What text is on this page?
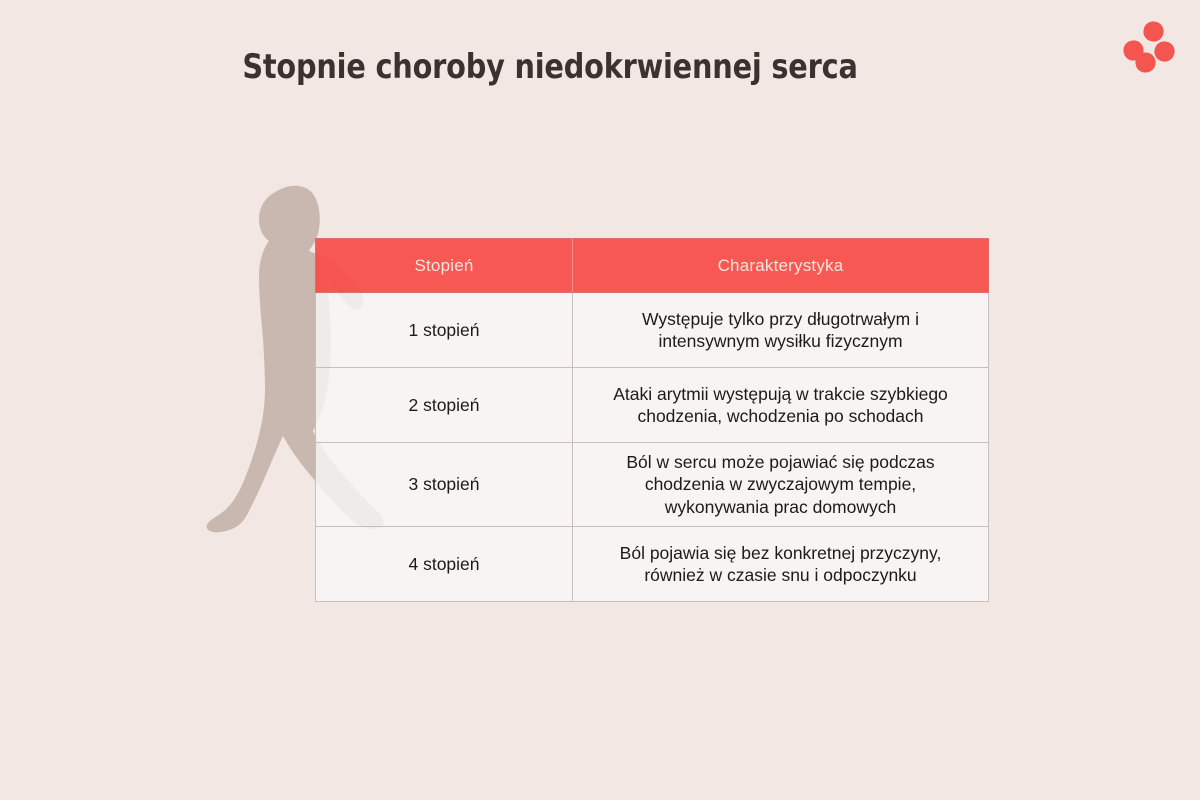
Stopnie choroby niedokrwiennej serca
Stopień	Charakterystyka
1 stopień	Występuje tylko przy długotrwałym i
intensywnym wysiłku fizycznym

2 stopień	Ataki arytmii występują w trakcie szybkiego
chodzenia, wchodzenia po schodach

3 stopień	Ból w sercu może pojawiać się podczas
chodzenia w zwyczajowym tempie,
wykonywania prac domowych

4 stopień	Ból pojawia się bez konkretnej przyczyny,
również w czasie snu i odpoczynku
